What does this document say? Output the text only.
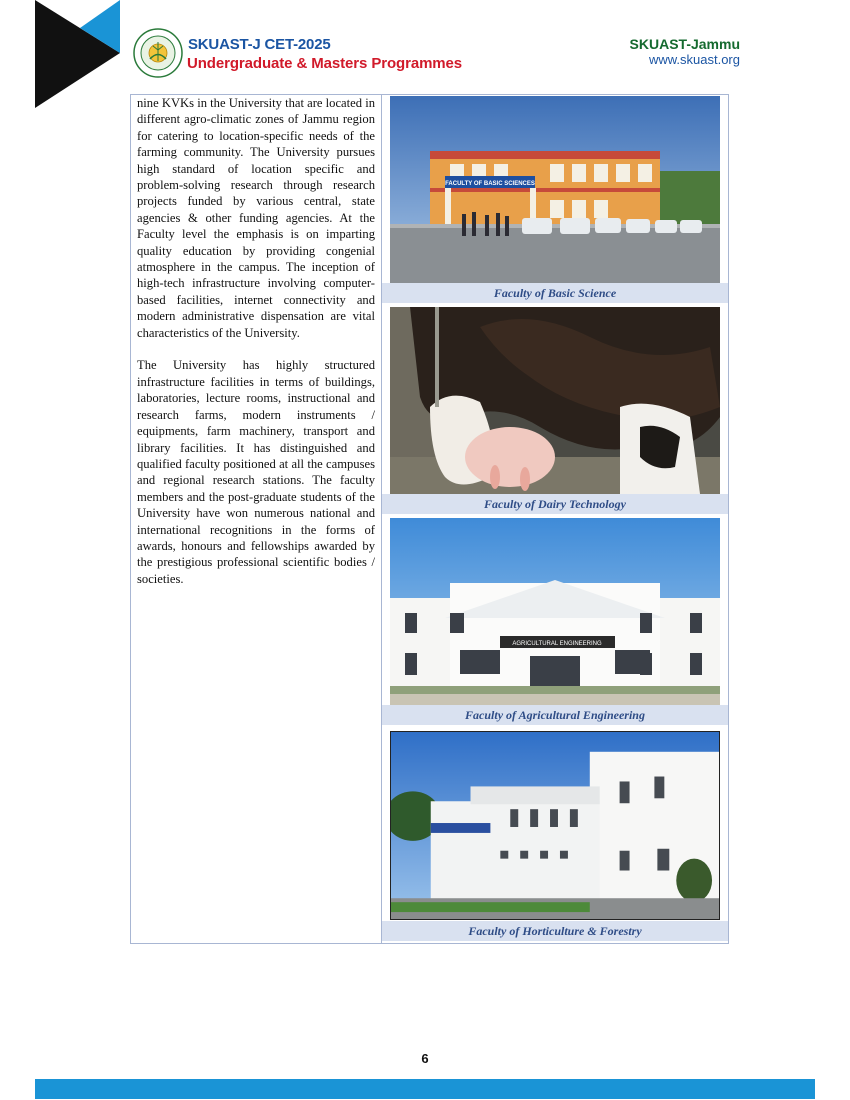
SKUAST-J CET-2025
Undergraduate & Masters Programmes
SKUAST-Jammu
www.skuast.org

nine KVKs in the University that are located in different agro-climatic zones of Jammu region for catering to location-specific needs of the farming community. The University pursues high standard of location specific and problem-solving research through research projects funded by various central, state agencies & other funding agencies. At the Faculty level the emphasis is on imparting quality education by providing congenial atmosphere in the campus. The inception of high-tech infrastructure involving computer-based facilities, internet connectivity and modern administrative dispensation are vital characteristics of the University.

The University has highly structured infrastructure facilities in terms of buildings, laboratories, lecture rooms, instructional and research farms, modern instruments / equipments, farm machinery, transport and library facilities. It has distinguished and qualified faculty positioned at all the campuses and regional research stations. The faculty members and the post-graduate students of the University have won numerous national and international recognitions in the forms of awards, honours and fellowships awarded by the prestigious professional scientific bodies / societies.

FACULTY OF BASIC SCIENCES
Faculty of Basic Science
Faculty of Dairy Technology
AGRICULTURAL ENGINEERING
Faculty of Agricultural Engineering
Faculty of Horticulture & Forestry
6
